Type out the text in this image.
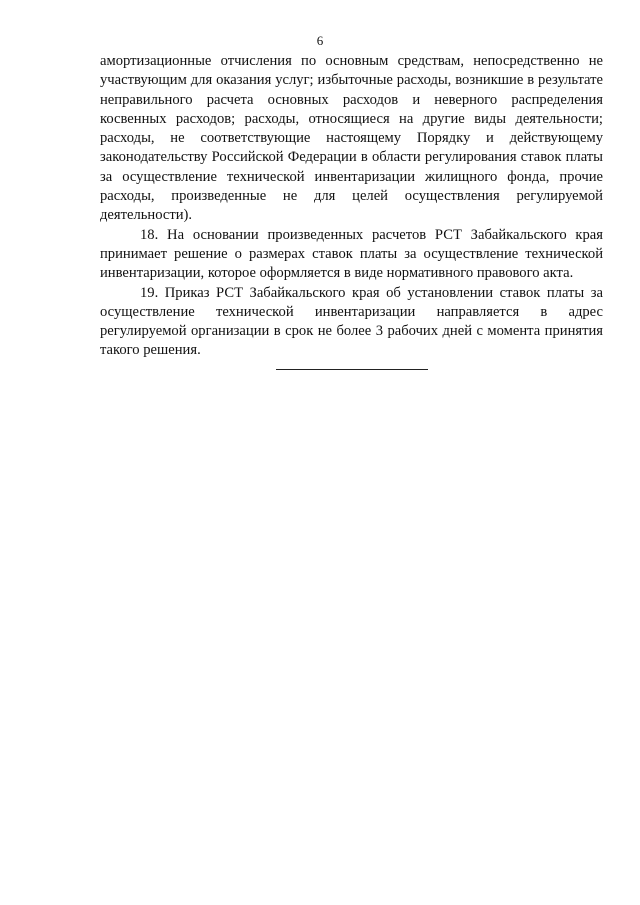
6

амортизационные отчисления по основным средствам, непосредственно не участвующим для оказания услуг; избыточные расходы, возникшие в результате неправильного расчета основных расходов и неверного распределения косвенных расходов; расходы, относящиеся на другие виды деятельности; расходы, не соответствующие настоящему Порядку и действующему законодательству Российской Федерации в области регулирования ставок платы за осуществление технической инвентаризации жилищного фонда, прочие расходы, произведенные не для целей осуществления регулируемой деятельности).

18. На основании произведенных расчетов РСТ Забайкальского края принимает решение о размерах ставок платы за осуществление технической инвентаризации, которое оформляется в виде нормативного правового акта.

19. Приказ РСТ Забайкальского края об установлении ставок платы за осуществление технической инвентаризации направляется в адрес регулируемой организации в срок не более 3 рабочих дней с момента принятия такого решения.
